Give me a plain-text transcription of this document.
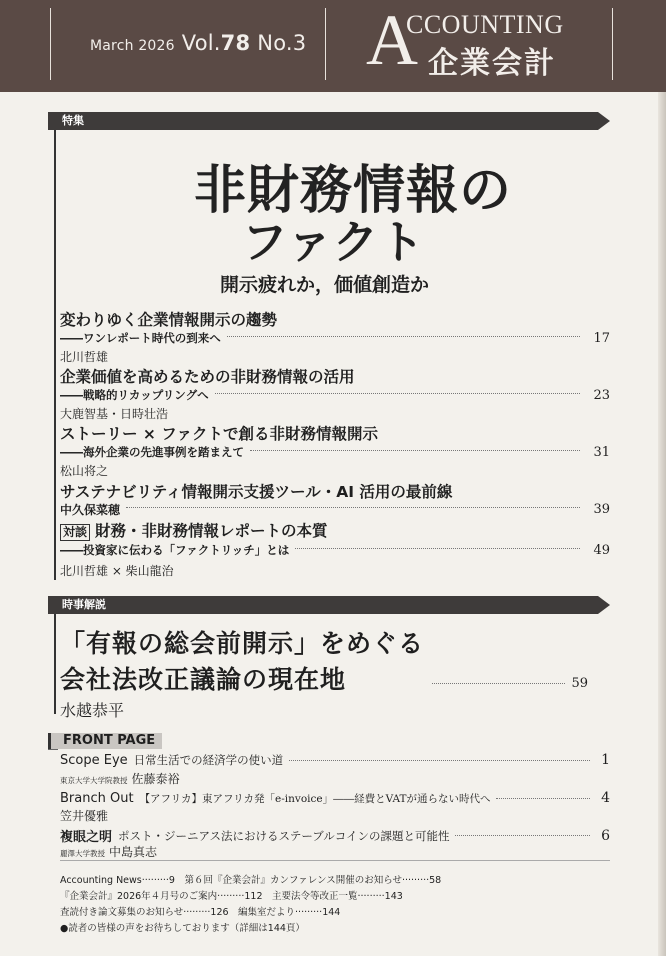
March 2026 Vol.78 No.3 A
CCOUNTING
企業会計
特集
非財務情報の
ファクト
開示疲れか，価値創造か
変わりゆく企業情報開示の趨勢
――ワンレポート時代の到来へ	17
北川哲雄
企業価値を高めるための非財務情報の活用
――戦略的リカップリングへ	23
大鹿智基・日時壮浩
ストーリー × ファクトで創る非財務情報開示
――海外企業の先進事例を踏まえて	31
松山将之
サステナビリティ情報開示支援ツール・AI 活用の最前線
中久保菜穂	39
対談 財務・非財務情報レポートの本質
――投資家に伝わる「ファクトリッチ」とは	49
北川哲雄 × 柴山龍治
時事解説
「有報の総会前開示」をめぐる
会社法改正議論の現在地	59
水越恭平
FRONT PAGE
Scope Eye 日常生活での経済学の使い道	1
東京大学大学院教授 佐藤泰裕
Branch Out 【アフリカ】東アフリカ発「e-invoice」――経費とVATが通らない時代へ	4
笠井優雅
複眼之明 ポスト・ジーニアス法におけるステーブルコインの課題と可能性	6
麗澤大学教授 中島真志
Accounting News·········9　第６回『企業会計』カンファレンス開催のお知らせ·········58
『企業会計』2026年４月号のご案内·········112　主要法令等改正一覧·········143
査読付き論文募集のお知らせ·········126　編集室だより·········144
●読者の皆様の声をお待ちしております（詳細は144頁）
